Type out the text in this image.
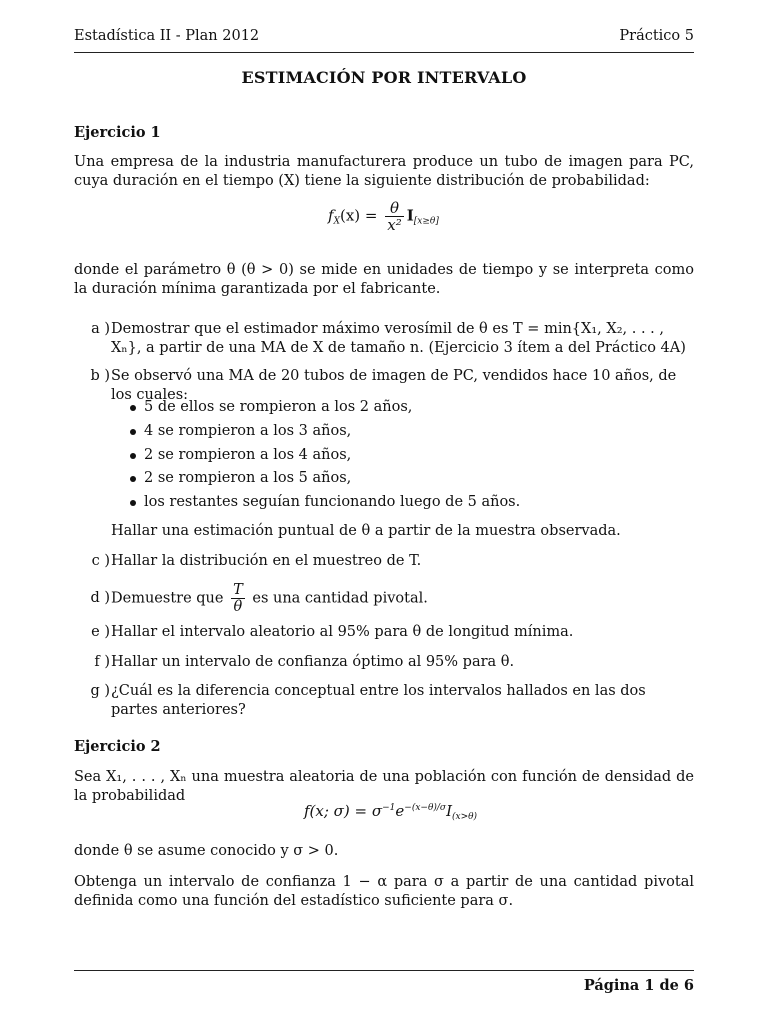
Estadística II - Plan 2012	Práctico 5
ESTIMACIÓN POR INTERVALO
Ejercicio 1
Una empresa de la industria manufacturera produce un tubo de imagen para PC, cuya duración en el tiempo (X) tiene la siguiente distribución de probabilidad:
$f_X(x) = \frac{\theta}{\text{x²}} I_{[x\ge\theta]}$
donde el parámetro θ (θ > 0) se mide en unidades de tiempo y se interpreta como la duración mínima garantizada por el fabricante.
a ) Demostrar que el estimador máximo verosímil de θ es T = min{X₁, X₂, . . . , Xₙ}, a partir de una MA de X de tamaño n. (Ejercicio 3 ítem a del Práctico 4A)
b ) Se observó una MA de 20 tubos de imagen de PC, vendidos hace 10 años, de los cuales:
5 de ellos se rompieron a los 2 años,
4 se rompieron a los 3 años,
2 se rompieron a los 4 años,
2 se rompieron a los 5 años,
los restantes seguían funcionando luego de 5 años.
Hallar una estimación puntual de θ a partir de la muestra observada.
c ) Hallar la distribución en el muestreo de T.
d ) Demuestre que $\frac{T}{\theta}$ es una cantidad pivotal.
e ) Hallar el intervalo aleatorio al 95% para θ de longitud mínima.
f ) Hallar un intervalo de confianza óptimo al 95% para θ.
g ) ¿Cuál es la diferencia conceptual entre los intervalos hallados en las dos partes anteriores?
Ejercicio 2
Sea X₁, . . . , Xₙ una muestra aleatoria de una población con función de densidad de la probabilidad
f(x; $\sigma) = \sigma^{-1}e^{-(x-\theta)/\sigma}I_{(x>\theta)}$
donde θ se asume conocido y σ > 0.
Obtenga un intervalo de confianza 1 − α para σ a partir de una cantidad pivotal definida como una función del estadístico suficiente para σ.
Página 1 de 6
